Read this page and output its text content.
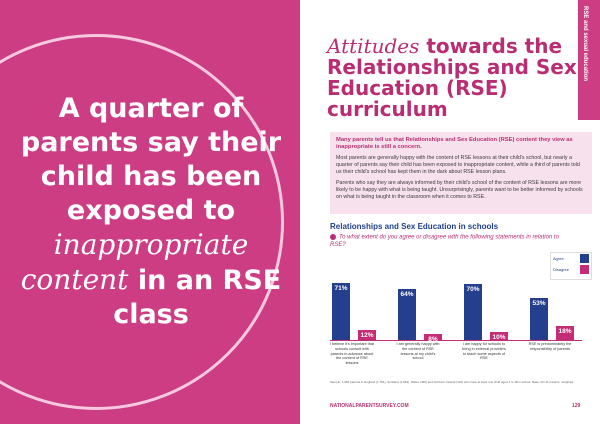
A quarter of parents say their child has been exposed to inappropriate content in an RSE class
RSE and sexual education
Attitudes towards the Relationships and Sex Education (RSE) curriculum

Many parents tell us that Relationships and Sex Education (RSE) content they view as inappropriate is still a concern.

Most parents are generally happy with the content of RSE lessons at their child's school, but nearly a quarter of parents say their child has been exposed to inappropriate content, while a third of parents told us their child's school has kept them in the dark about RSE lesson plans.

Parents who say they are always informed by their child's school of the content of RSE lessons are more likely to be happy with what is being taught. Unsurprisingly, parents want to be better informed by schools on what is being taught in the classroom when it comes to RSE.

Relationships and Sex Education in schools
To what extent do you agree or disagree with the following statements in relation to RSE?
Agree
Disagree
71%
12%
I believe it's important that schools consult with parents in advance about the content of RSE lessons
64%
8%
I am generally happy with the content of RSE lessons at my child's school
70%
10%
I am happy for schools to bring in external providers to teach some aspects of RSE
53%
18%
RSE is predominantly the responsibility of parents
Sample: 1,966 parents in England (1,781), Scotland (1,819), Wales (465) and Northern Ireland (191) who have at least one child aged 4 to 18 in school. Base: All UK parents, weighted
NATIONALPARENTSURVEY.COM	129
